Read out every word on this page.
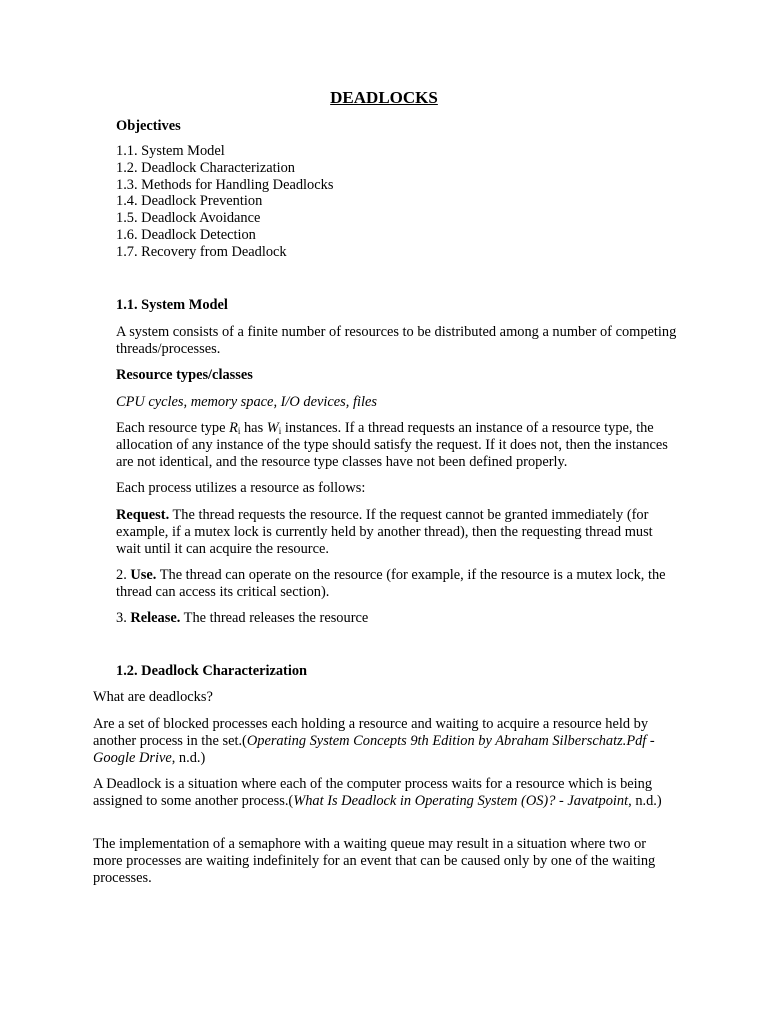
DEADLOCKS
Objectives
1.1. System Model
1.2. Deadlock Characterization
1.3. Methods for Handling Deadlocks
1.4. Deadlock Prevention
1.5. Deadlock Avoidance
1.6. Deadlock Detection
1.7. Recovery from Deadlock
1.1. System Model
A system consists of a finite number of resources to be distributed among a number of competing threads/processes.
Resource types/classes
CPU cycles, memory space, I/O devices, files
Each resource type $R_i$ has $W_i$ instances. If a thread requests an instance of a resource type, the allocation of any instance of the type should satisfy the request. If it does not, then the instances are not identical, and the resource type classes have not been defined properly.
Each process utilizes a resource as follows:
Request. The thread requests the resource. If the request cannot be granted immediately (for example, if a mutex lock is currently held by another thread), then the requesting thread must wait until it can acquire the resource.
2. Use. The thread can operate on the resource (for example, if the resource is a mutex lock, the thread can access its critical section).
3. Release. The thread releases the resource
1.2. Deadlock Characterization
What are deadlocks?
Are a set of blocked processes each holding a resource and waiting to acquire a resource held by another process in the set.(Operating System Concepts 9th Edition by Abraham Silberschatz.Pdf - Google Drive, n.d.)
A Deadlock is a situation where each of the computer process waits for a resource which is being assigned to some another process.(What Is Deadlock in Operating System (OS)? - Javatpoint, n.d.)
The implementation of a semaphore with a waiting queue may result in a situation where two or more processes are waiting indefinitely for an event that can be caused only by one of the waiting processes.
